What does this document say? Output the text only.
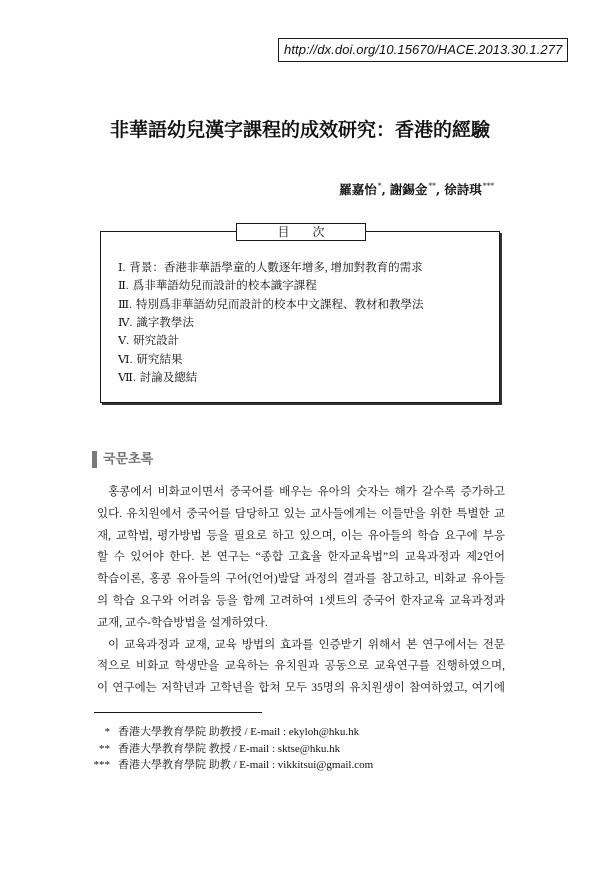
http://dx.doi.org/10.15670/HACE.2013.30.1.277
非華語幼兒漢字課程的成效研究：香港的經驗
羅嘉怡*, 謝錫金**, 徐詩琪***
目 次
Ⅰ. 背景：香港非華語學童的人數逐年增多, 增加對教育的需求
Ⅱ. 爲非華語幼兒而設計的校本識字課程
Ⅲ. 特別爲非華語幼兒而設計的校本中文課程、教材和教學法
Ⅳ. 識字教學法
Ⅴ. 研究設計
Ⅵ. 研究結果
Ⅶ. 討論及總結
국문초록
홍콩에서 비화교이면서 중국어를 배우는 유아의 숫자는 해가 갈수록 증가하고
있다. 유치원에서 중국어를 담당하고 있는 교사들에게는 이들만을 위한 특별한 교
재, 교학법, 평가방법 등을 필요로 하고 있으며, 이는 유아들의 학습 요구에 부응
할 수 있어야 한다. 본 연구는 “종합 고효율 한자교육법”의 교육과정과 제2언어
학습이론, 홍콩 유아들의 구어(언어)발달 과정의 결과를 참고하고, 비화교 유아들
의 학습 요구와 어려움 등을 함께 고려하여 1셋트의 중국어 한자교육 교육과정과
교재, 교수-학습방법을 설계하였다.
이 교육과정과 교재, 교육 방법의 효과를 인증받기 위해서 본 연구에서는 전문
적으로 비화교 학생만을 교육하는 유치원과 공동으로 교육연구를 진행하였으며,
이 연구에는 저학년과 고학년을 합쳐 모두 35명의 유치원생이 참여하였고, 여기에
* 香港大學教育學院 助教授 / E-mail : ekyloh@hku.hk
** 香港大學教育學院 教授 / E-mail : sktse@hku.hk
*** 香港大學教育學院 助教 / E-mail : vikkitsui@gmail.com
